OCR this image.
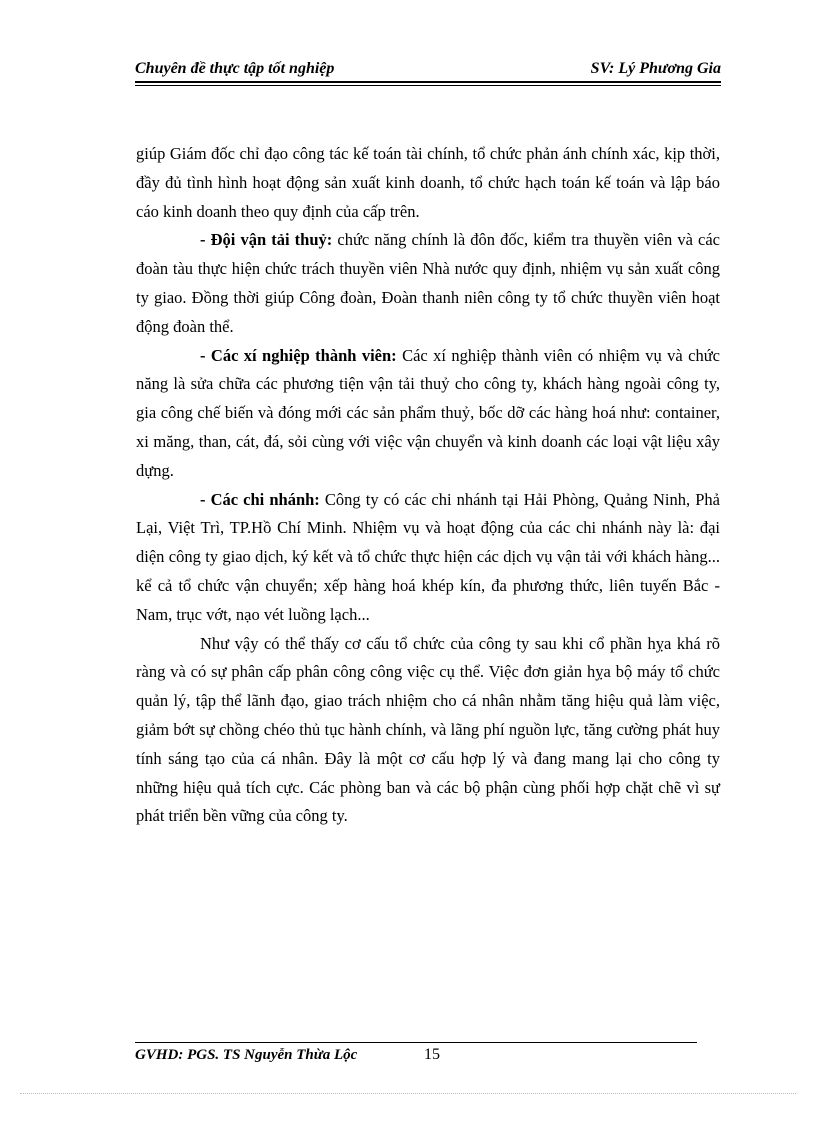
Chuyên đề thực tập tốt nghiệp	SV: Lý Phương Gia

giúp Giám đốc chỉ đạo công tác kế toán tài chính, tổ chức phản ánh chính xác, kịp thời, đầy đủ tình hình hoạt động sản xuất kinh doanh, tổ chức hạch toán kế toán và lập báo cáo kinh doanh theo quy định của cấp trên.

- Đội vận tải thuỷ: chức năng chính là đôn đốc, kiểm tra thuyền viên và các đoàn tàu thực hiện chức trách thuyền viên Nhà nước quy định, nhiệm vụ sản xuất công ty giao. Đồng thời giúp Công đoàn, Đoàn thanh niên công ty tổ chức thuyền viên hoạt động đoàn thể.

- Các xí nghiệp thành viên: Các xí nghiệp thành viên có nhiệm vụ và chức năng là sửa chữa các phương tiện vận tải thuỷ cho công ty, khách hàng ngoài công ty, gia công chế biến và đóng mới các sản phẩm thuỷ, bốc dỡ các hàng hoá như: container, xi măng, than, cát, đá, sỏi cùng với việc vận chuyển và kinh doanh các loại vật liệu xây dựng.

- Các chi nhánh: Công ty có các chi nhánh tại Hải Phòng, Quảng Ninh, Phả Lại, Việt Trì, TP.Hồ Chí Minh. Nhiệm vụ và hoạt động của các chi nhánh này là: đại diện công ty giao dịch, ký kết và tổ chức thực hiện các dịch vụ vận tải với khách hàng... kể cả tổ chức vận chuyển; xếp hàng hoá khép kín, đa phương thức, liên tuyến Bắc - Nam, trục vớt, nạo vét luồng lạch...

Như vậy có thể thấy cơ cấu tổ chức của công ty sau khi cổ phần hỵa khá rõ ràng và có sự phân cấp phân công công việc cụ thể. Việc đơn giản hỵa bộ máy tổ chức quản lý, tập thể lãnh đạo, giao trách nhiệm cho cá nhân nhằm tăng hiệu quả làm việc, giảm bớt sự chồng chéo thủ tục hành chính, và lãng phí nguồn lực, tăng cường phát huy tính sáng tạo của cá nhân. Đây là một cơ cấu hợp lý và đang mang lại cho công ty những hiệu quả tích cực. Các phòng ban và các bộ phận cùng phối hợp chặt chẽ vì sự phát triển bền vững của công ty.

GVHD: PGS. TS Nguyễn Thừa Lộc	15
